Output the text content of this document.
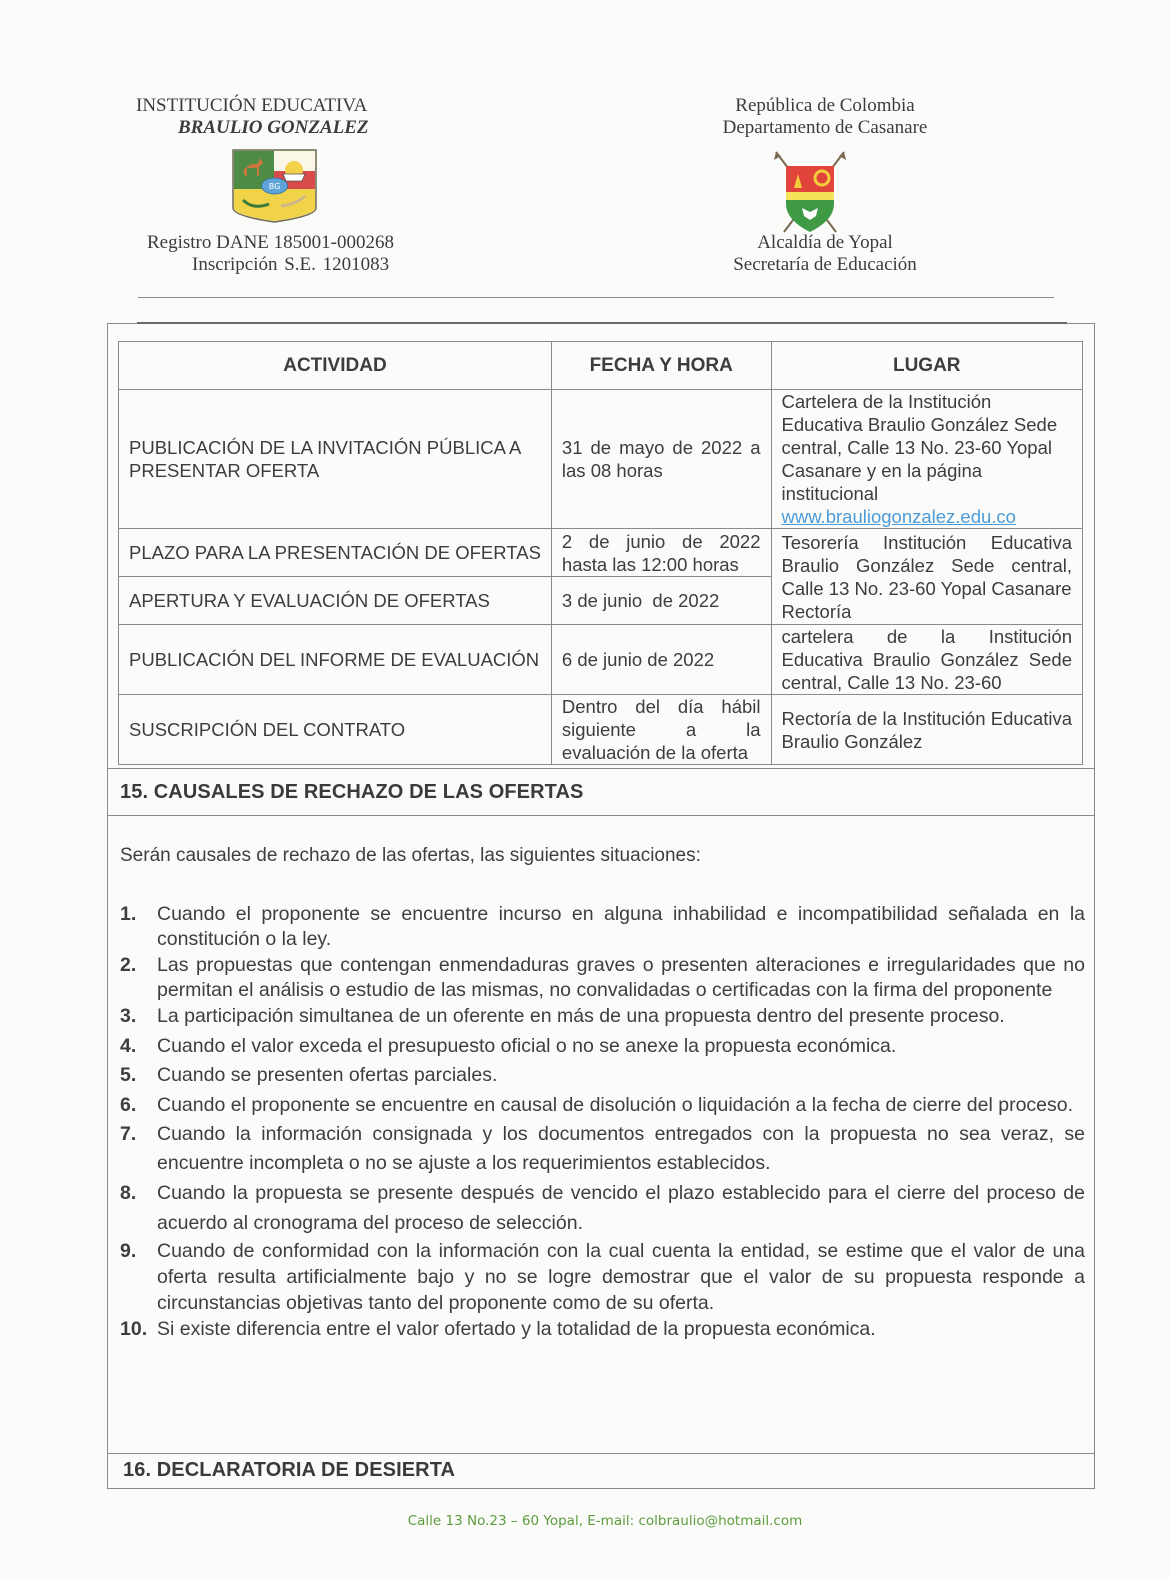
INSTITUCIÓN EDUCATIVA
BRAULIO GONZALEZ
Registro DANE 185001-000268
Inscripción S.E. 1201083
BG
República de Colombia
Departamento de Casanare
Alcaldía de Yopal
Secretaría de Educación
ACTIVIDAD	FECHA Y HORA	LUGAR
PUBLICACIÓN DE LA INVITACIÓN PÚBLICA A PRESENTAR OFERTA	31 de mayo de 2022 a las 08 horas	Cartelera de la Institución Educativa Braulio González Sede central, Calle 13 No. 23-60 Yopal Casanare y en la página institucional
www.brauliogonzalez.edu.co
PLAZO PARA LA PRESENTACIÓN DE OFERTAS	2 de junio de 2022 hasta las 12:00 horas	Tesorería Institución Educativa Braulio González Sede central, Calle 13 No. 23-60 Yopal Casanare
Rectoría
APERTURA Y EVALUACIÓN DE OFERTAS	3 de junio  de 2022	
PUBLICACIÓN DEL INFORME DE EVALUACIÓN	6 de junio de 2022	cartelera de la Institución Educativa Braulio González Sede central, Calle 13 No. 23-60
SUSCRIPCIÓN DEL CONTRATO	Dentro del día hábil siguiente a la evaluación de la oferta	Rectoría de la Institución Educativa Braulio González
15. CAUSALES DE RECHAZO DE LAS OFERTAS
Serán causales de rechazo de las ofertas, las siguientes situaciones:
1.	Cuando el proponente se encuentre incurso en alguna inhabilidad e incompatibilidad señalada en la constitución o la ley.
2.	Las propuestas que contengan enmendaduras graves o presenten alteraciones e irregularidades que no permitan el análisis o estudio de las mismas, no convalidadas o certificadas con la firma del proponente
3.	La participación simultanea de un oferente en más de una propuesta dentro del presente proceso.
4.	Cuando el valor exceda el presupuesto oficial o no se anexe la propuesta económica.
5.	Cuando se presenten ofertas parciales.
6.	Cuando el proponente se encuentre en causal de disolución o liquidación a la fecha de cierre del proceso.
7.	Cuando la información consignada y los documentos entregados con la propuesta no sea veraz, se encuentre incompleta o no se ajuste a los requerimientos establecidos.
8.	Cuando la propuesta se presente después de vencido el plazo establecido para el cierre del proceso de acuerdo al cronograma del proceso de selección.
9.	Cuando de conformidad con la información con la cual cuenta la entidad, se estime que el valor de una oferta resulta artificialmente bajo y no se logre demostrar que el valor de su propuesta responde a circunstancias objetivas tanto del proponente como de su oferta.
10. Si existe diferencia entre el valor ofertado y la totalidad de la propuesta económica.
16. DECLARATORIA DE DESIERTA
Calle 13 No.23 – 60 Yopal, E-mail: colbraulio@hotmail.com
